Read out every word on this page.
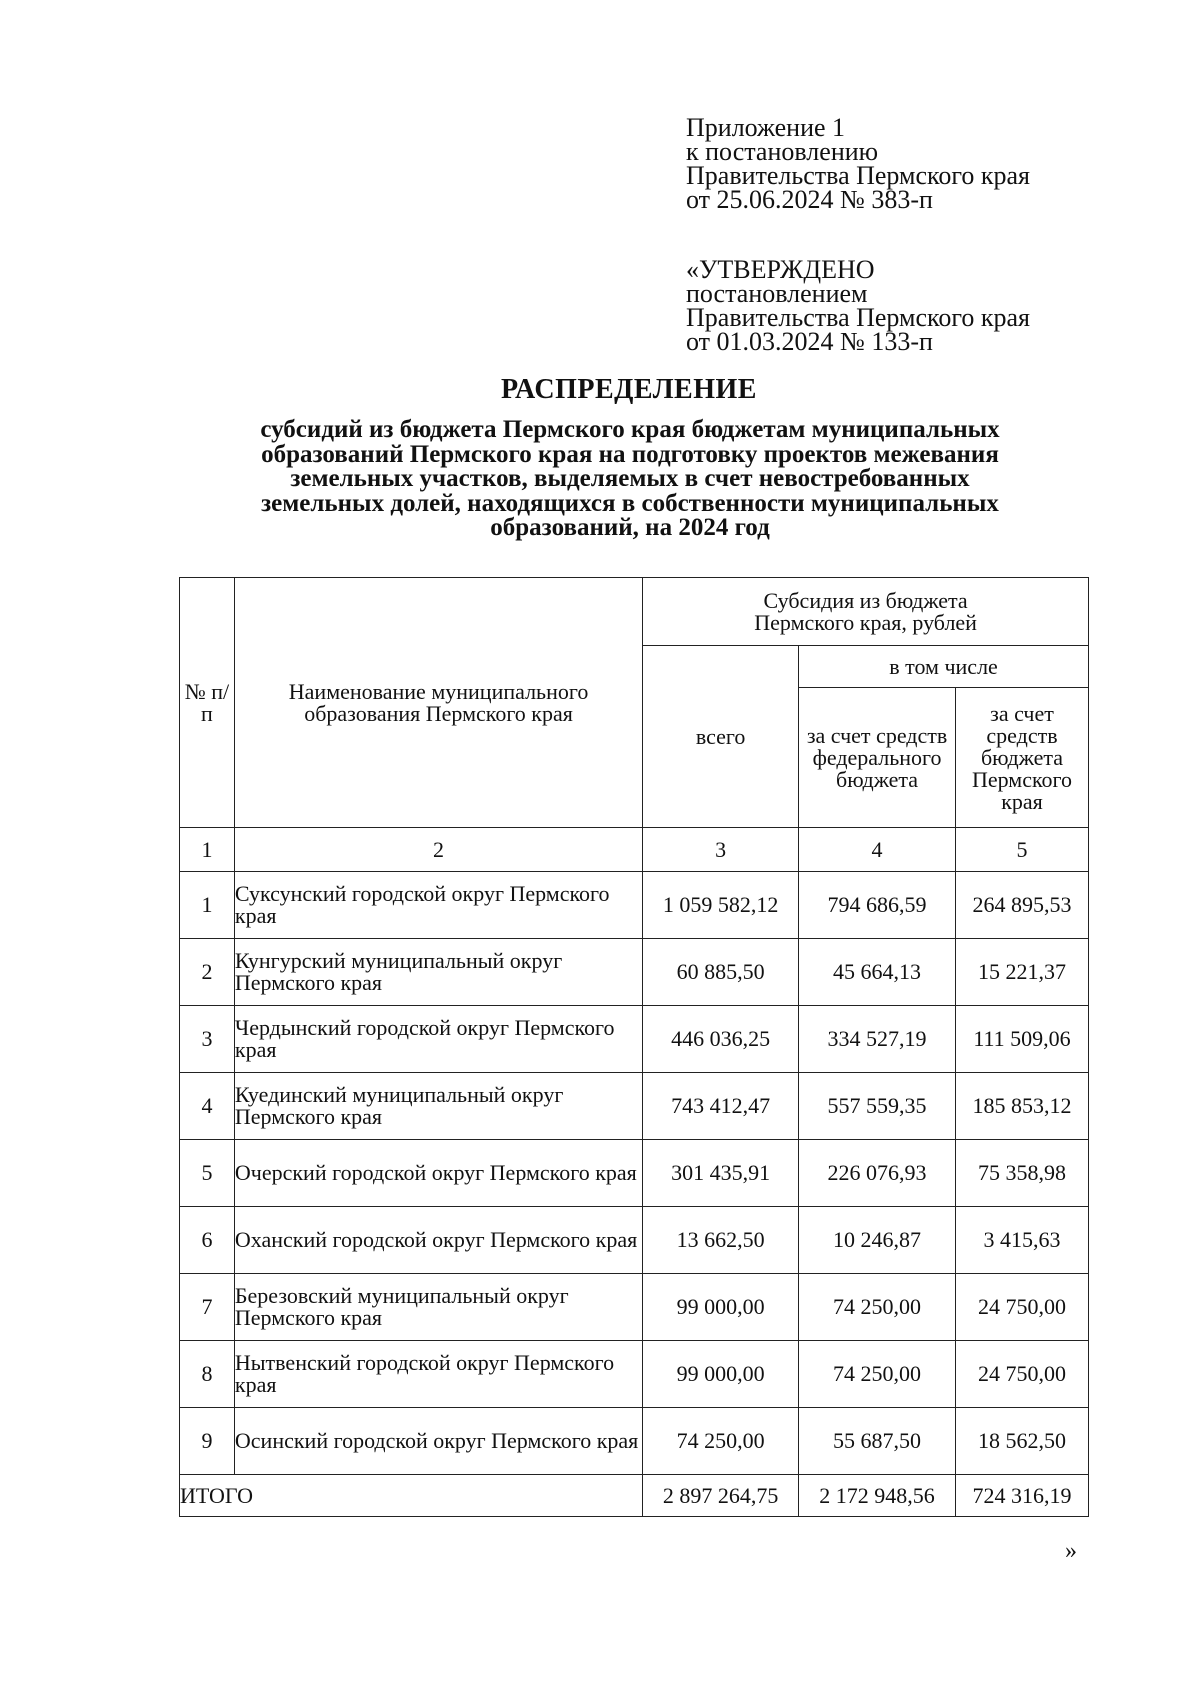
Приложение 1
к постановлению
Правительства Пермского края
от 25.06.2024 № 383-п
«УТВЕРЖДЕНО
постановлением
Правительства Пермского края
от 01.03.2024 № 133-п
РАСПРЕДЕЛЕНИЕ
субсидий из бюджета Пермского края бюджетам муниципальных
образований Пермского края на подготовку проектов межевания
земельных участков, выделяемых в счет невостребованных
земельных долей, находящихся в собственности муниципальных
образований, на 2024 год
№ п/п	Наименование муниципального образования Пермского края	Субсидия из бюджета Пермского края, рублей		
		всего	в том числе	
			за счет средств федерального бюджета	за счет средств бюджета Пермского края
1	2	3	4	5
1	Суксунский городской округ Пермского края	1 059 582,12	794 686,59	264 895,53
2	Кунгурский муниципальный округ Пермского края	60 885,50	45 664,13	15 221,37
3	Чердынский городской округ Пермского края	446 036,25	334 527,19	111 509,06
4	Куединский муниципальный округ Пермского края	743 412,47	557 559,35	185 853,12
5	Очерский городской округ Пермского края	301 435,91	226 076,93	75 358,98
6	Оханский городской округ Пермского края	13 662,50	10 246,87	3 415,63
7	Березовский муниципальный округ Пермского края	99 000,00	74 250,00	24 750,00
8	Нытвенский городской округ Пермского края	99 000,00	74 250,00	24 750,00
9	Осинский городской округ Пермского края	74 250,00	55 687,50	18 562,50
ИТОГО		2 897 264,75	2 172 948,56	724 316,19
»
